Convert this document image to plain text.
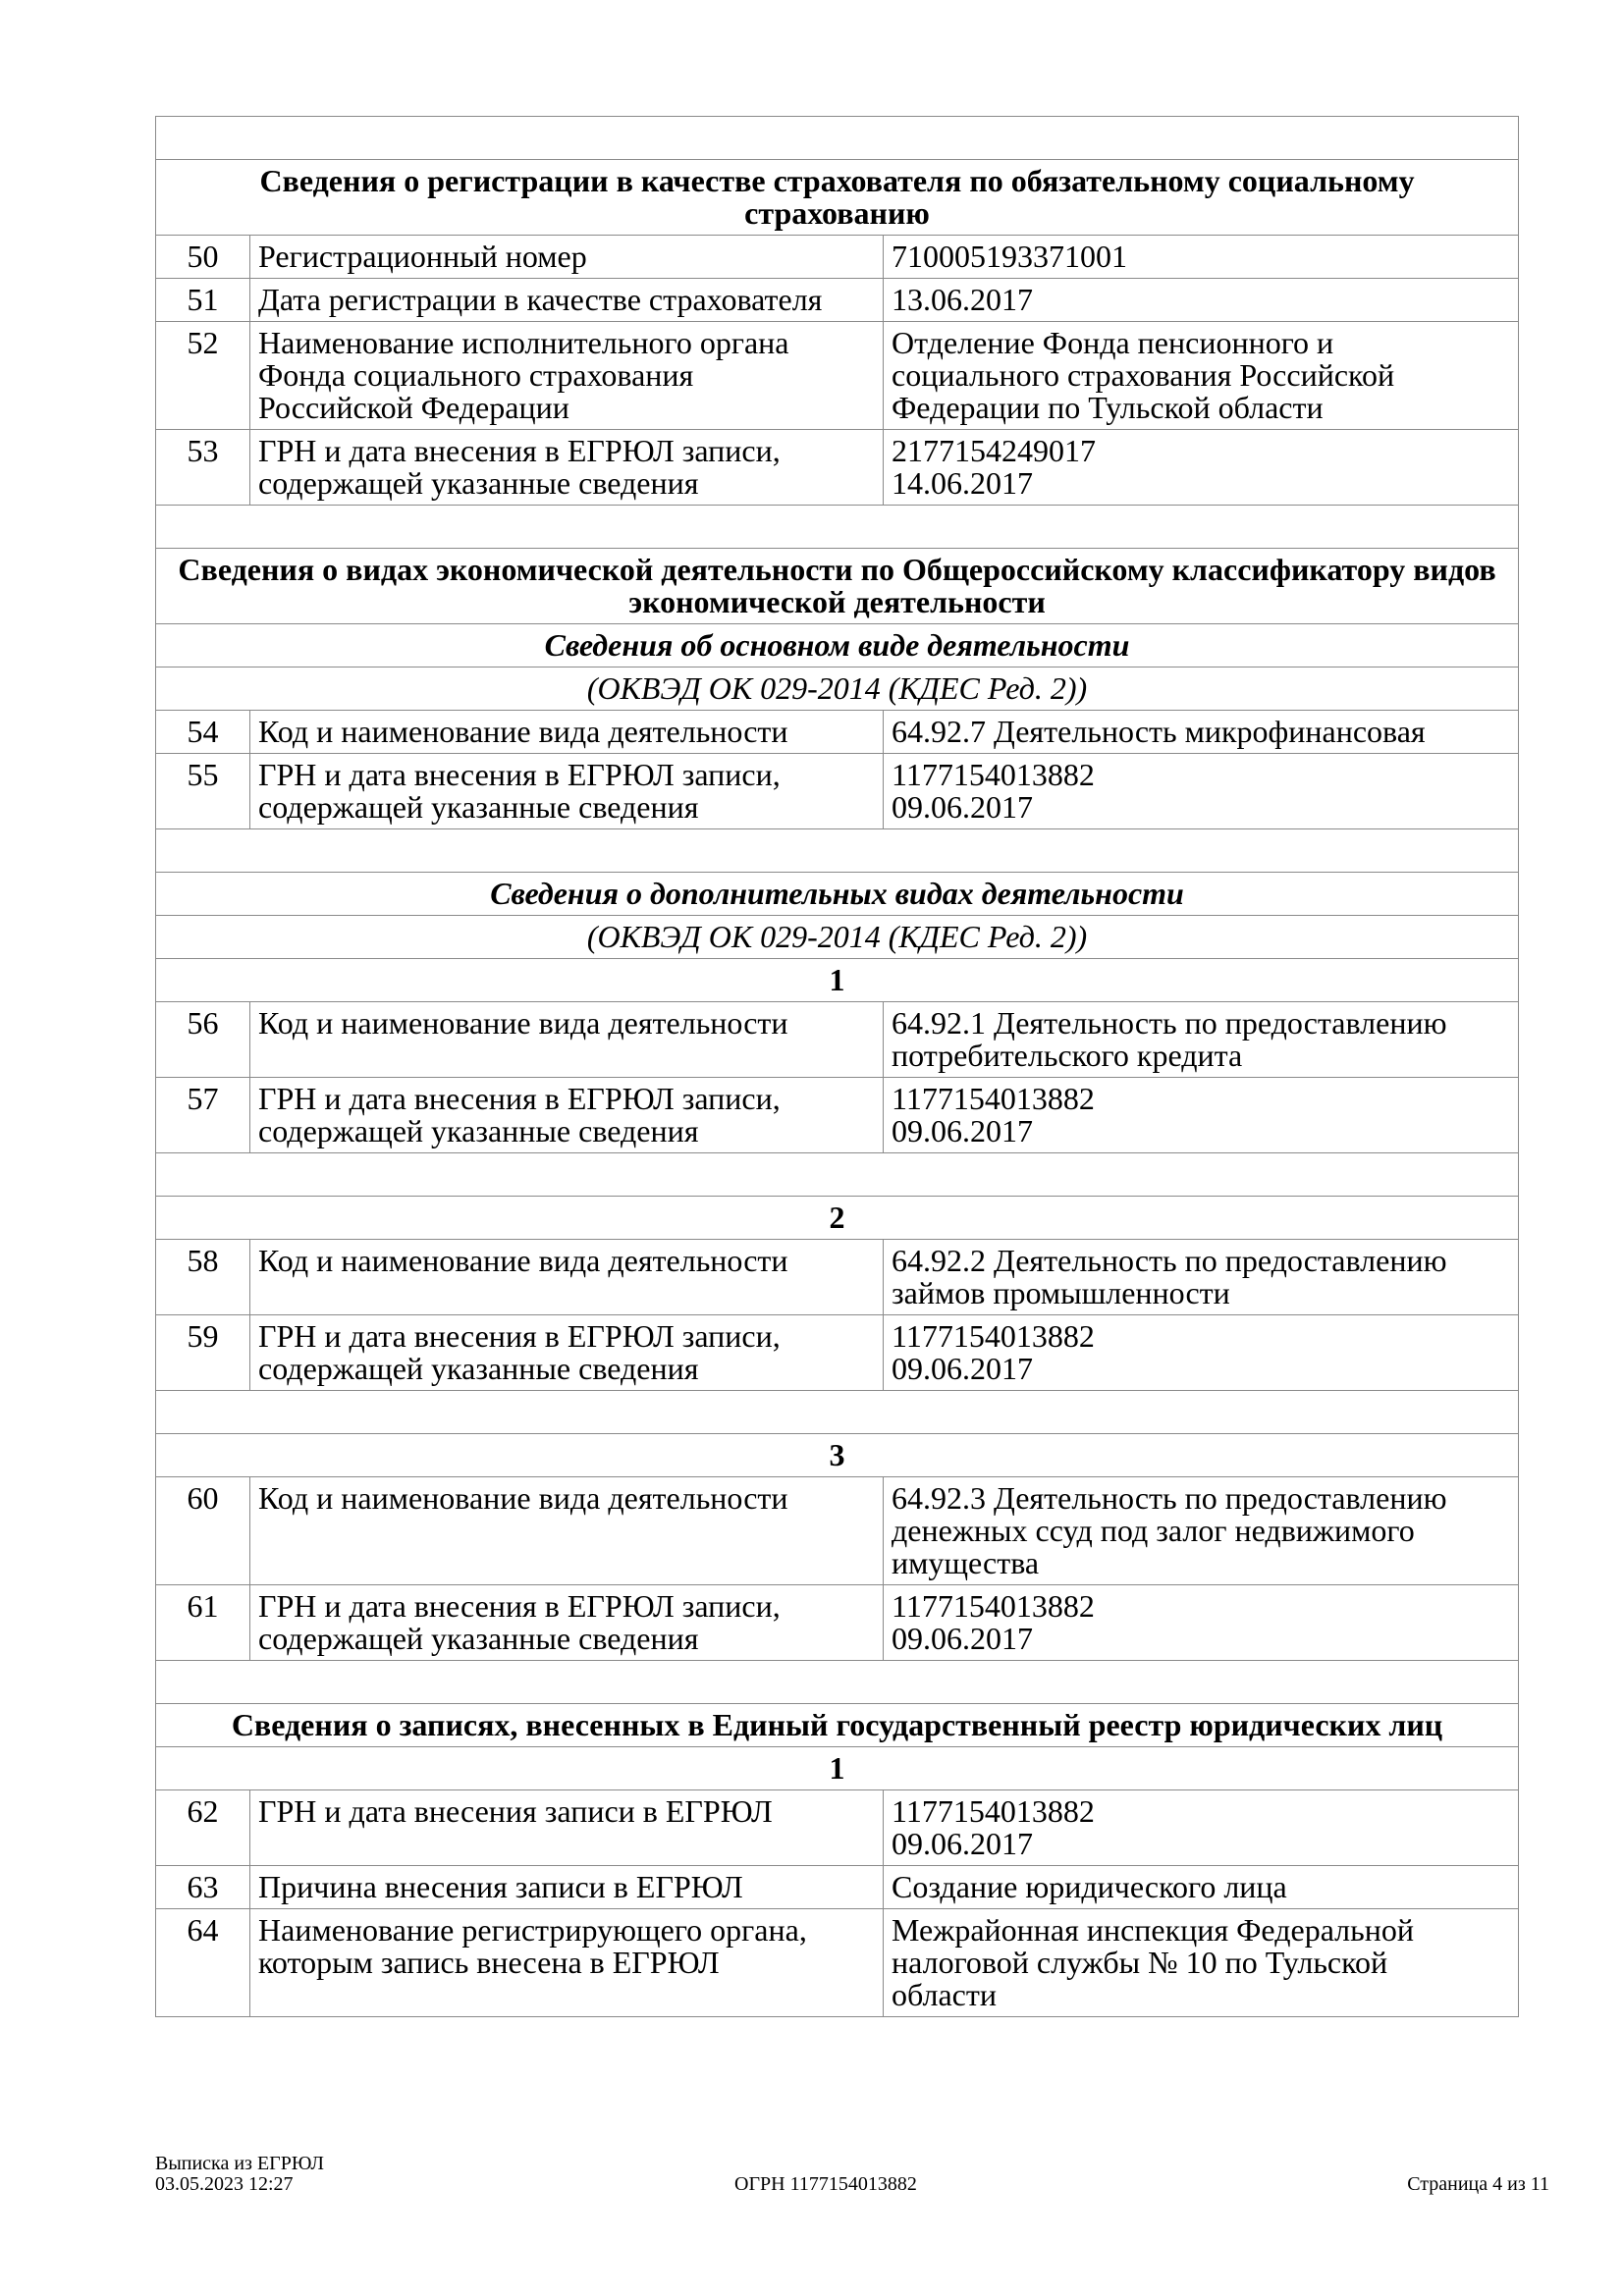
Сведения о регистрации в качестве страхователя по обязательному социальному страхованию		
50	Регистрационный номер	710005193371001

51	Дата регистрации в качестве страхователя	13.06.2017

52	Наименование исполнительного органа
Фонда социального страхования
Российской Федерации	Отделение Фонда пенсионного и
социального страхования Российской
Федерации по Тульской области

53	ГРН и дата внесения в ЕГРЮЛ записи,
содержащей указанные сведения	2177154249017
14.06.2017

Сведения о видах экономической деятельности по Общероссийскому классификатору видов экономической деятельности		
Сведения об основном виде деятельности		
(ОКВЭД ОК 029-2014 (КДЕС Ред. 2))		
54	Код и наименование вида деятельности	64.92.7 Деятельность микрофинансовая

55	ГРН и дата внесения в ЕГРЮЛ записи,
содержащей указанные сведения	1177154013882
09.06.2017

Сведения о дополнительных видах деятельности		
(ОКВЭД ОК 029-2014 (КДЕС Ред. 2))		
1		
56	Код и наименование вида деятельности	64.92.1 Деятельность по предоставлению
потребительского кредита

57	ГРН и дата внесения в ЕГРЮЛ записи,
содержащей указанные сведения	1177154013882
09.06.2017

2		
58	Код и наименование вида деятельности	64.92.2 Деятельность по предоставлению
займов промышленности

59	ГРН и дата внесения в ЕГРЮЛ записи,
содержащей указанные сведения	1177154013882
09.06.2017

3		
60	Код и наименование вида деятельности	64.92.3 Деятельность по предоставлению
денежных ссуд под залог недвижимого
имущества

61	ГРН и дата внесения в ЕГРЮЛ записи,
содержащей указанные сведения	1177154013882
09.06.2017

Сведения о записях, внесенных в Единый государственный реестр юридических лиц		
1		
62	ГРН и дата внесения записи в ЕГРЮЛ	1177154013882
09.06.2017

63	Причина внесения записи в ЕГРЮЛ	Создание юридического лица

64	Наименование регистрирующего органа,
которым запись внесена в ЕГРЮЛ	Межрайонная инспекция Федеральной
налоговой службы № 10 по Тульской
области
Выписка из ЕГРЮЛ
03.05.2023 12:27	ОГРН 1177154013882	Страница 4 из 11
